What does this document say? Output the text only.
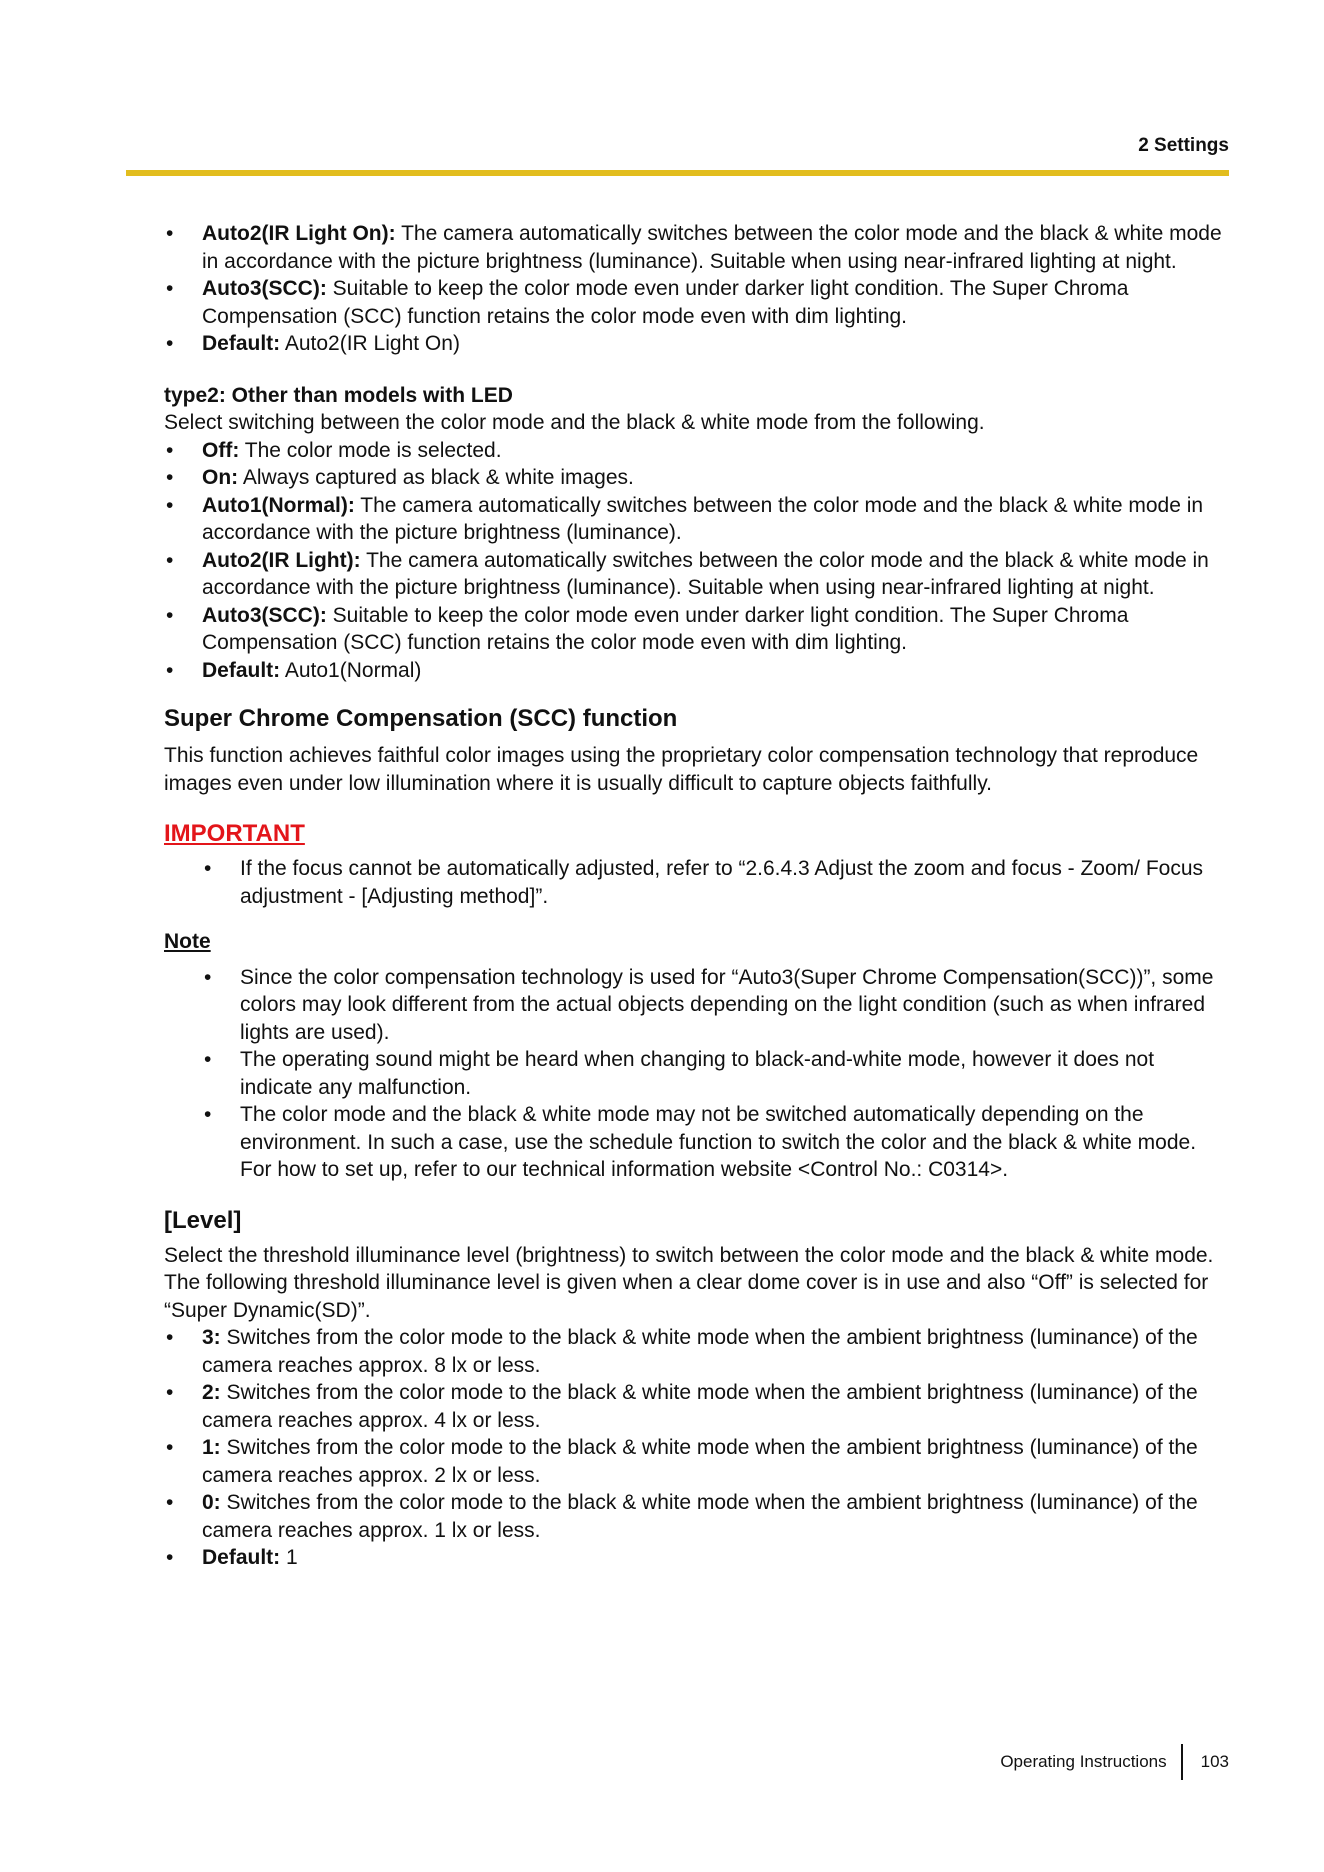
2 Settings
• Auto2(IR Light On): The camera automatically switches between the color mode and the black & white mode in accordance with the picture brightness (luminance). Suitable when using near-infrared lighting at night.
• Auto3(SCC): Suitable to keep the color mode even under darker light condition. The Super Chroma Compensation (SCC) function retains the color mode even with dim lighting.
• Default: Auto2(IR Light On)
type2: Other than models with LED

Select switching between the color mode and the black & white mode from the following.

• Off: The color mode is selected.
• On: Always captured as black & white images.
• Auto1(Normal): The camera automatically switches between the color mode and the black & white mode in accordance with the picture brightness (luminance).
• Auto2(IR Light): The camera automatically switches between the color mode and the black & white mode in accordance with the picture brightness (luminance). Suitable when using near-infrared lighting at night.
• Auto3(SCC): Suitable to keep the color mode even under darker light condition. The Super Chroma Compensation (SCC) function retains the color mode even with dim lighting.
• Default: Auto1(Normal)
Super Chrome Compensation (SCC) function

This function achieves faithful color images using the proprietary color compensation technology that reproduce images even under low illumination where it is usually difficult to capture objects faithfully.

IMPORTANT
• If the focus cannot be automatically adjusted, refer to “2.6.4.3 Adjust the zoom and focus - Zoom/ Focus adjustment - [Adjusting method]”.
Note
• Since the color compensation technology is used for “Auto3(Super Chrome Compensation(SCC))”, some colors may look different from the actual objects depending on the light condition (such as when infrared lights are used).
• The operating sound might be heard when changing to black-and-white mode, however it does not indicate any malfunction.
• The color mode and the black & white mode may not be switched automatically depending on the environment. In such a case, use the schedule function to switch the color and the black & white mode. For how to set up, refer to our technical information website <Control No.: C0314>.
[Level]

Select the threshold illuminance level (brightness) to switch between the color mode and the black & white mode. The following threshold illuminance level is given when a clear dome cover is in use and also “Off” is selected for “Super Dynamic(SD)”.

• 3: Switches from the color mode to the black & white mode when the ambient brightness (luminance) of the camera reaches approx. 8 lx or less.
• 2: Switches from the color mode to the black & white mode when the ambient brightness (luminance) of the camera reaches approx. 4 lx or less.
• 1: Switches from the color mode to the black & white mode when the ambient brightness (luminance) of the camera reaches approx. 2 lx or less.
• 0: Switches from the color mode to the black & white mode when the ambient brightness (luminance) of the camera reaches approx. 1 lx or less.
• Default: 1
Operating Instructions 103
